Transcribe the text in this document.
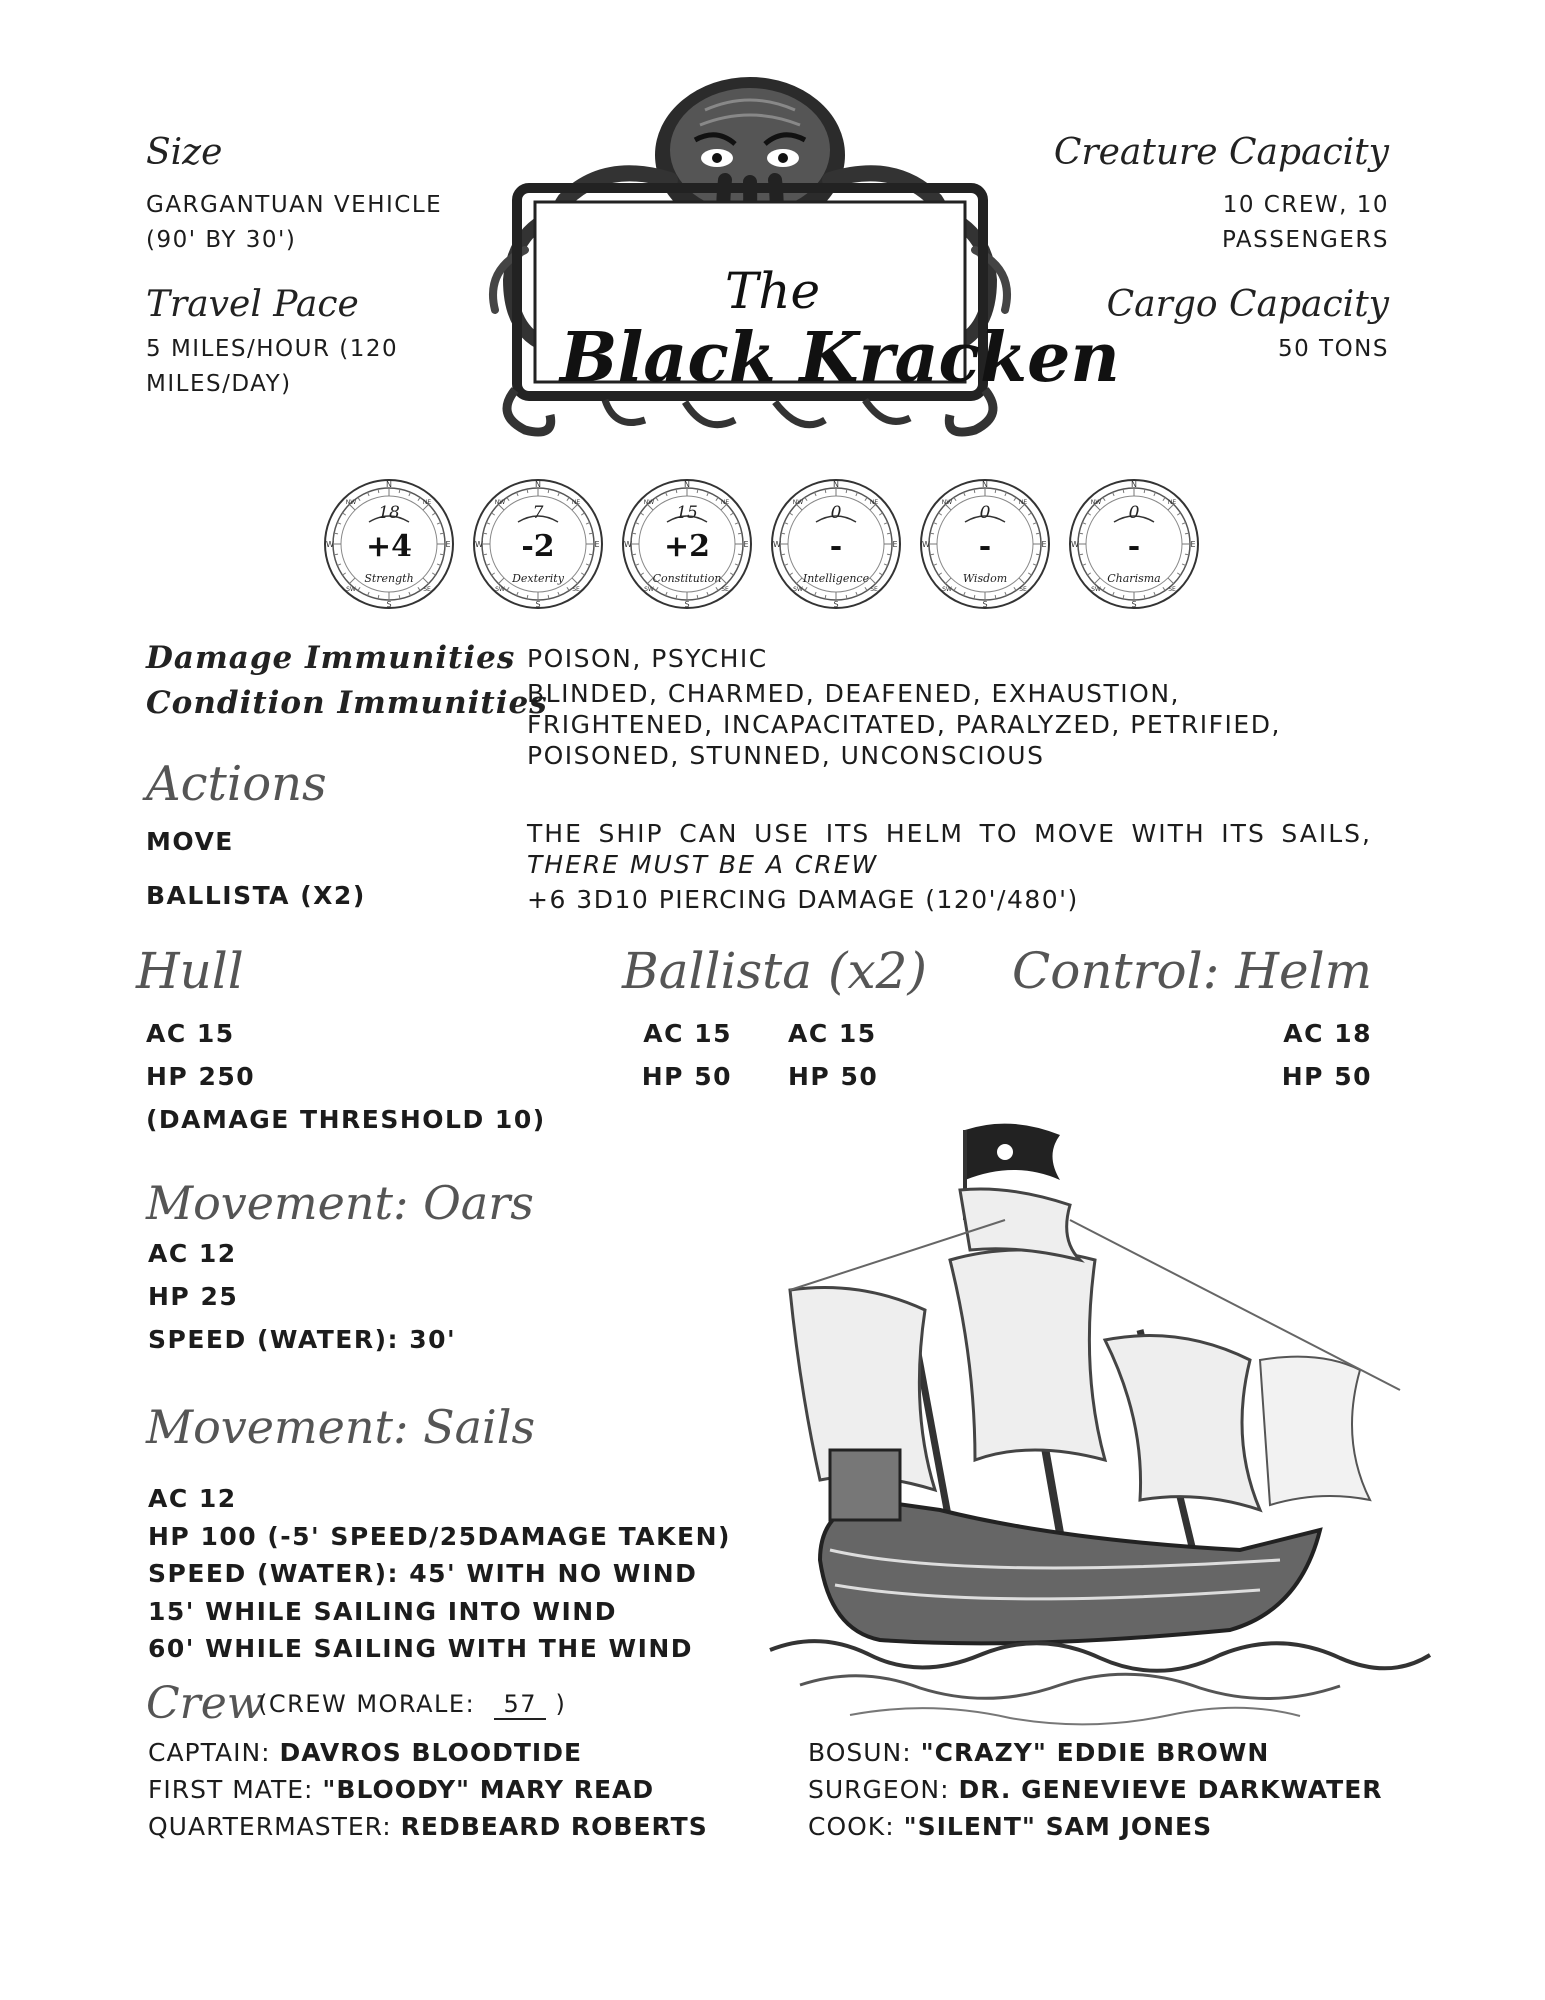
Size
GARGANTUAN VEHICLE
(90' BY 30')
Travel Pace
5 MILES/HOUR (120
MILES/DAY)
Creature Capacity
10 CREW, 10
PASSENGERS
Cargo Capacity
50 TONS
The
Black Kracken
N
S
E
W
NE
NW
SE
SW
18
+4
Strength
N
S
E
W
NE
NW
SE
SW
7
-2
Dexterity
N
S
E
W
NE
NW
SE
SW
15
+2
Constitution
N
S
E
W
NE
NW
SE
SW
0
-
Intelligence
N
S
E
W
NE
NW
SE
SW
0
-
Wisdom
N
S
E
W
NE
NW
SE
SW
0
-
Charisma
Damage Immunities
Condition Immunities
POISON, PSYCHIC
BLINDED, CHARMED, DEAFENED, EXHAUSTION,
FRIGHTENED, INCAPACITATED, PARALYZED, PETRIFIED,
POISONED, STUNNED, UNCONSCIOUS
Actions
MOVE	THE SHIP CAN USE ITS HELM TO MOVE WITH ITS SAILS,
THERE MUST BE A CREW
BALLISTA (X2)	+6 3D10 PIERCING DAMAGE (120'/480')
Hull
AC 15
HP 250
(DAMAGE THRESHOLD 10)
Ballista (x2)
AC 15
HP 50
AC 15
HP 50
Control: Helm
AC 18
HP 50
Movement: Oars
AC 12
HP 25
SPEED (WATER): 30'
Movement: Sails
AC 12
HP 100 (-5' SPEED/25DAMAGE TAKEN)
SPEED (WATER): 45' WITH NO WIND
15' WHILE SAILING INTO WIND
60' WHILE SAILING WITH THE WIND
Crew
(CREW MORALE: 57 )
CAPTAIN: DAVROS BLOODTIDE
FIRST MATE: "BLOODY" MARY READ
QUARTERMASTER: REDBEARD ROBERTS
BOSUN: "CRAZY" EDDIE BROWN
SURGEON: DR. GENEVIEVE DARKWATER
COOK: "SILENT" SAM JONES
